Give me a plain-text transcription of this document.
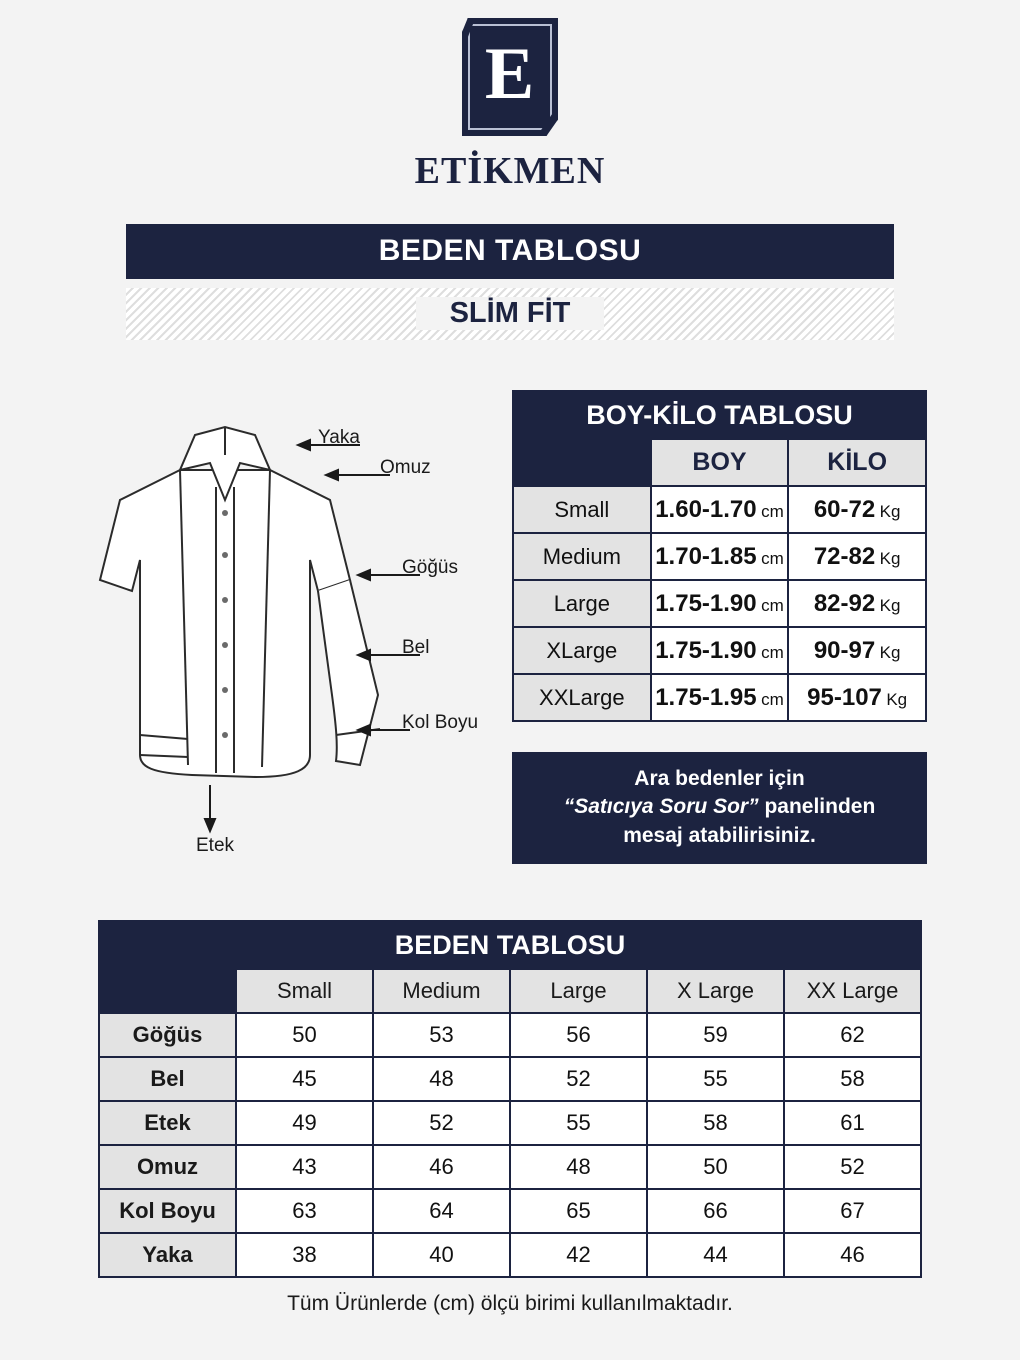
E
ETİKMEN
BEDEN TABLOSU
SLİM FİT
Yaka
Omuz
Göğüs
Bel
Kol Boyu
Etek
BOY-KİLO TABLOSU		
	BOY	KİLO
Small	1.60-1.70 cm	60-72 Kg
Medium	1.70-1.85 cm	72-82 Kg
Large	1.75-1.90 cm	82-92 Kg
XLarge	1.75-1.90 cm	90-97 Kg
XXLarge	1.75-1.95 cm	95-107 Kg
Ara bedenler için
“Satıcıya Soru Sor” panelinden
mesaj atabilirisiniz.
BEDEN TABLOSU					
	Small	Medium	Large	X Large	XX Large
Göğüs	50	53	56	59	62
Bel	45	48	52	55	58
Etek	49	52	55	58	61
Omuz	43	46	48	50	52
Kol Boyu	63	64	65	66	67
Yaka	38	40	42	44	46
Tüm Ürünlerde (cm) ölçü birimi kullanılmaktadır.
